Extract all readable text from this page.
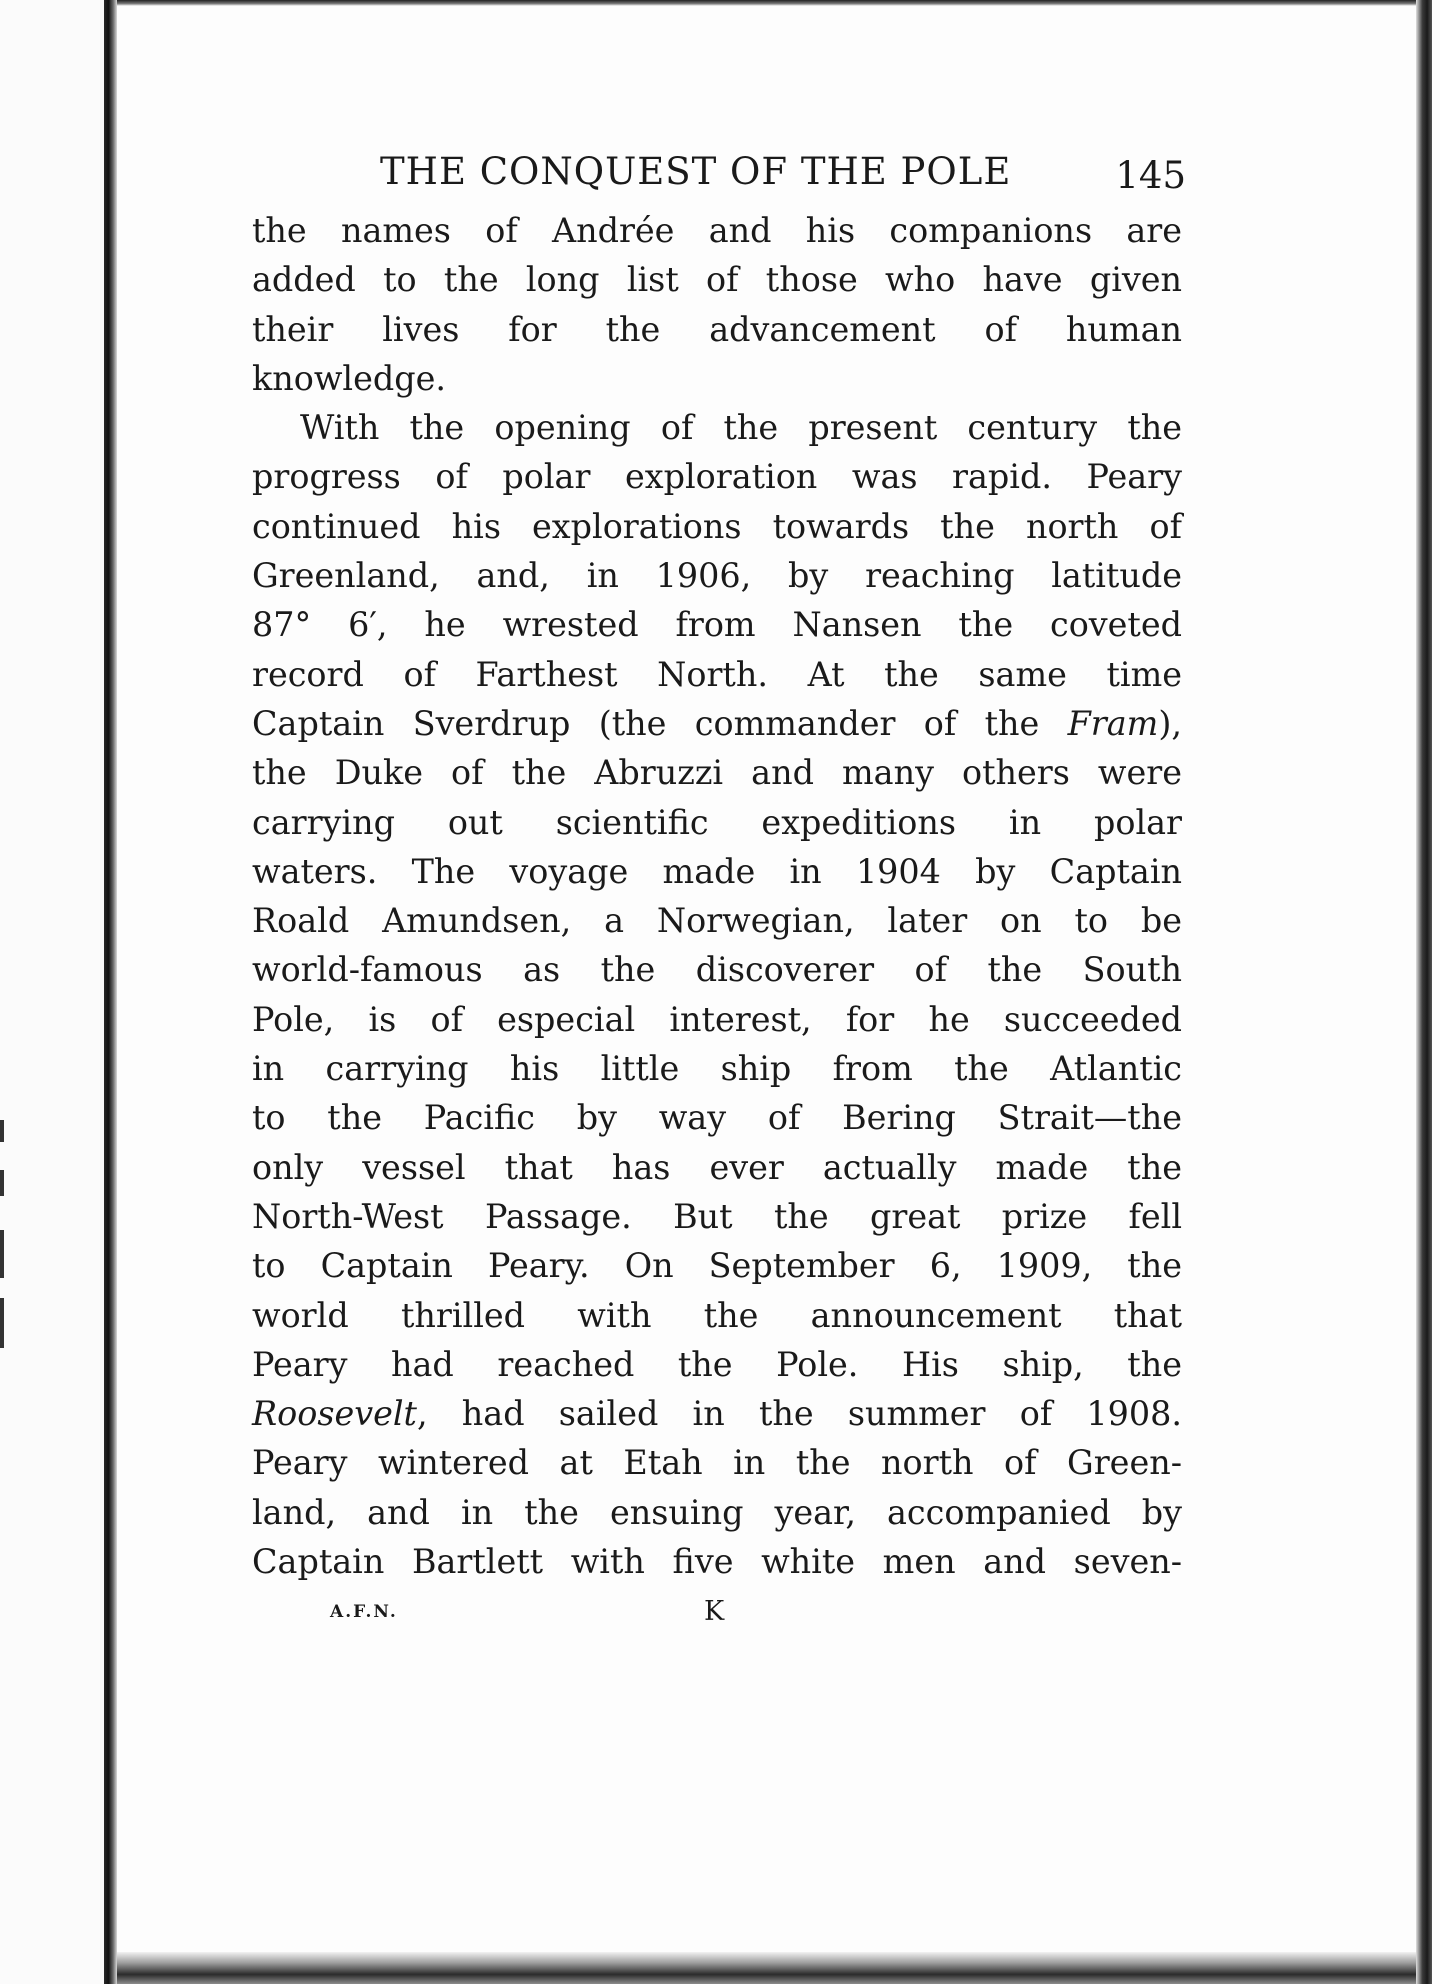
THE CONQUEST OF THE POLE	145
the names of Andrée and his companions are
added to the long list of those who have given
their lives for the advancement of human
knowledge.
With the opening of the present century the
progress of polar exploration was rapid. Peary
continued his explorations towards the north of
Greenland, and, in 1906, by reaching latitude
87° 6′, he wrested from Nansen the coveted
record of Farthest North. At the same time
Captain Sverdrup (the commander of the Fram),
the Duke of the Abruzzi and many others were
carrying out scientific expeditions in polar
waters. The voyage made in 1904 by Captain
Roald Amundsen, a Norwegian, later on to be
world-famous as the discoverer of the South
Pole, is of especial interest, for he succeeded
in carrying his little ship from the Atlantic
to the Pacific by way of Bering Strait—the
only vessel that has ever actually made the
North-West Passage. But the great prize fell
to Captain Peary. On September 6, 1909, the
world thrilled with the announcement that
Peary had reached the Pole. His ship, the
Roosevelt, had sailed in the summer of 1908.
Peary wintered at Etah in the north of Green-
land, and in the ensuing year, accompanied by
Captain Bartlett with five white men and seven-
A.F.N.	K
